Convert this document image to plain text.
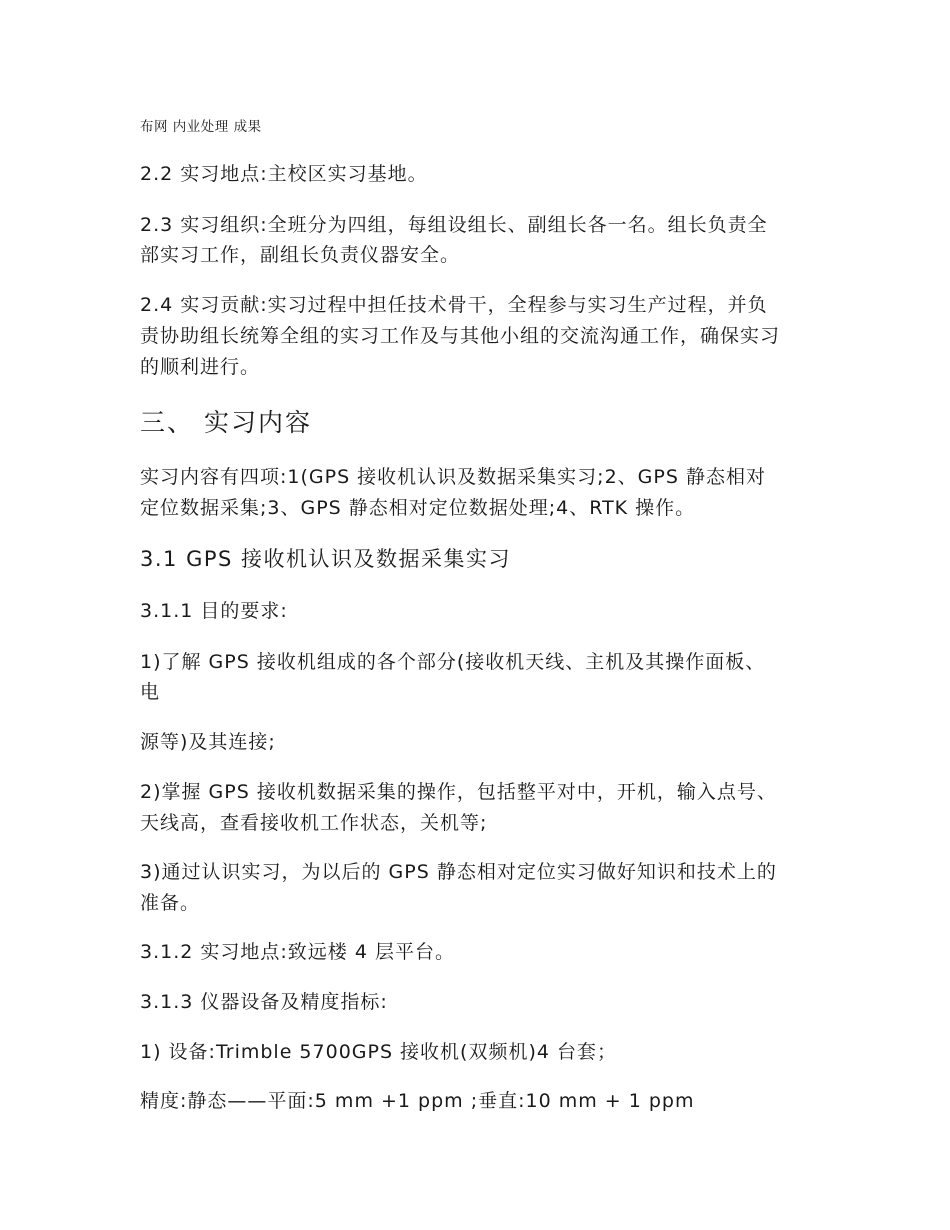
布网 内业处理 成果
2.2 实习地点:主校区实习基地。
2.3 实习组织:全班分为四组，每组设组长、副组长各一名。组长负责全
部实习工作，副组长负责仪器安全。
2.4 实习贡献:实习过程中担任技术骨干，全程参与实习生产过程，并负
责协助组长统筹全组的实习工作及与其他小组的交流沟通工作，确保实习
的顺利进行。
三、 实习内容
实习内容有四项:1(GPS 接收机认识及数据采集实习;2、GPS 静态相对
定位数据采集;3、GPS 静态相对定位数据处理;4、RTK 操作。
3.1 GPS 接收机认识及数据采集实习
3.1.1 目的要求:
1)了解 GPS 接收机组成的各个部分(接收机天线、主机及其操作面板、
电
源等)及其连接;
2)掌握 GPS 接收机数据采集的操作，包括整平对中，开机，输入点号、
天线高，查看接收机工作状态，关机等;
3)通过认识实习，为以后的 GPS 静态相对定位实习做好知识和技术上的
准备。
3.1.2 实习地点:致远楼 4 层平台。
3.1.3 仪器设备及精度指标:
1) 设备:Trimble 5700GPS 接收机(双频机)4 台套；
精度:静态——平面:5 mm +1 ppm ;垂直:10 mm + 1 ppm
